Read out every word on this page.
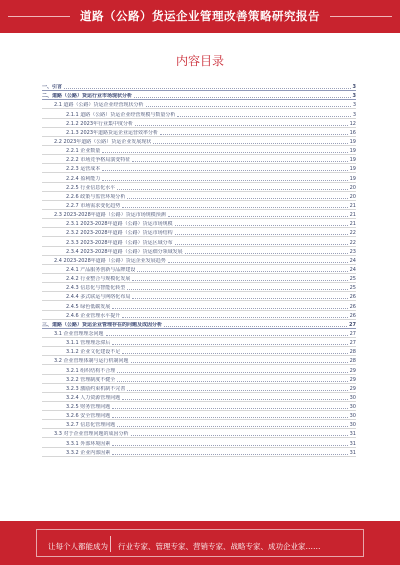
道路（公路）货运企业管理改善策略研究报告
内容目录
一、引言	3
二、道路（公路）货运行业市场现状分析	3
2.1 道路（公路）货运企业经营现状分析	3
2.1.1 道路（公路）货运企业经营规模与数量分析	3
2.1.2 2023年行业集中度分析	12
2.1.3 2023年道路货运企业运营效率分析	16
2.2 2023年道路（公路）货运企业发展现状	19
2.2.1 企业数量	19
2.2.2 市场竞争格局演变特征	19
2.2.3 运营成本	19
2.2.4 盈利能力	19
2.2.5 行业信息化水平	20
2.2.6 政策与监管环境分析	20
2.2.7 市场需求变化趋势	21
2.3 2023-2028年道路（公路）货运市场规模预测	21
2.3.1 2023-2028年道路（公路）货运市场规模	21
2.3.2 2023-2028年道路（公路）货运市场结构	22
2.3.3 2023-2028年道路（公路）货运区域分布	22
2.3.4 2023-2028年道路（公路）货运细分领域发展	23
2.4 2023-2028年道路（公路）货运企业发展趋势	24
2.4.1 产品服务创新与品牌建设	24
2.4.2 行业整合与规模化发展	25
2.4.3 信息化与智能化转型	25
2.4.4 多式联运与网络化布局	26
2.4.5 绿色低碳发展	26
2.4.6 企业管理水平提升	26
三、道路（公路）货运企业管理存在的问题及成因分析	27
3.1 企业管理理念问题	27
3.1.1 管理理念滞后	27
3.1.2 企业文化建设不足	28
3.2 企业管理体制与运行机制问题	28
3.2.1 组织结构不合理	29
3.2.2 管理制度不健全	29
3.2.3 激励约束机制不完善	29
3.2.4 人力资源管理问题	30
3.2.5 财务管理问题	30
3.2.6 安全管理问题	30
3.2.7 信息化管理问题	30
3.3 对于企业管理问题的成因分析	31
3.3.1 外部环境因素	31
3.3.2 企业内部因素	31
让每个人都能成为 行业专家、管理专家、营销专家、战略专家、成功企业家……
